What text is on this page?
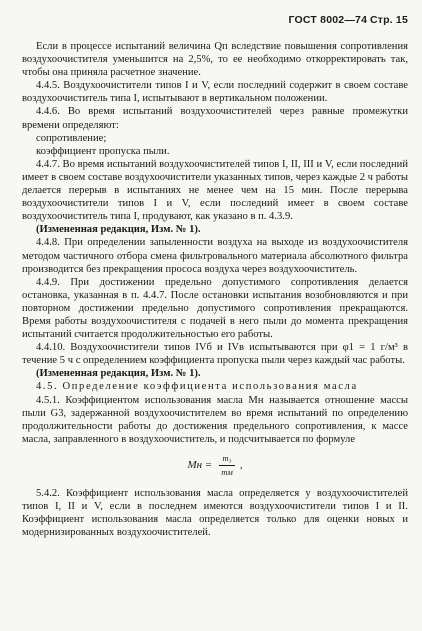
ГОСТ 8002—74 Стр. 15

Если в процессе испытаний величина Qп вследствие повышения сопротивления воздухоочистителя уменьшится на 2,5%, то ее необходимо откорректировать так, чтобы она приняла расчетное значение.

4.4.5. Воздухоочистители типов I и V, если последний содержит в своем составе воздухоочиститель типа I, испытывают в вертикальном положении.

4.4.6. Во время испытаний воздухоочистителей через равные промежутки времени определяют:

сопротивление;

коэффициент пропуска пыли.

4.4.7. Во время испытаний воздухоочистителей типов I, II, III и V, если последний имеет в своем составе воздухоочистители указанных типов, через каждые 2 ч работы делается перерыв в испытаниях не менее чем на 15 мин. После перерыва воздухоочистители типов I и V, если последний имеет в своем составе воздухоочиститель типа I, продувают, как указано в п. 4.3.9.

(Измененная редакция, Изм. № 1).

4.4.8. При определении запыленности воздуха на выходе из воздухоочистителя методом частичного отбора смена фильтровального материала абсолютного фильтра производится без прекращения прососа воздуха через воздухоочиститель.

4.4.9. При достижении предельно допустимого сопротивления делается остановка, указанная в п. 4.4.7. После остановки испытания возобновляются и при повторном достижении предельно допустимого сопротивления прекращаются. Время работы воздухоочистителя с подачей в него пыли до момента прекращения испытаний считается продолжительностью его работы.

4.4.10. Воздухоочистители типов IVб и IVв испытываются при φ1 = 1 г/м³ в течение 5 ч с определением коэффициента пропуска пыли через каждый час работы.

(Измененная редакция, Изм. № 1).

4.5. Определение коэффициента использования масла

4.5.1. Коэффициентом использования масла Мн называется отношение массы пыли G3, задержанной воздухоочистителем во время испытаний по определению продолжительности работы до достижения предельного сопротивления, к массе масла, заправленного в воздухоочиститель, и подсчитывается по формуле

Mн = $\frac{\text{m₃}}{mм}$ ,

5.4.2. Коэффициент использования масла определяется у воздухоочистителей типов I, II и V, если в последнем имеются воздухоочистители типов I и II. Коэффициент использования масла определяется только для оценки новых и модернизированных воздухоочистителей.
